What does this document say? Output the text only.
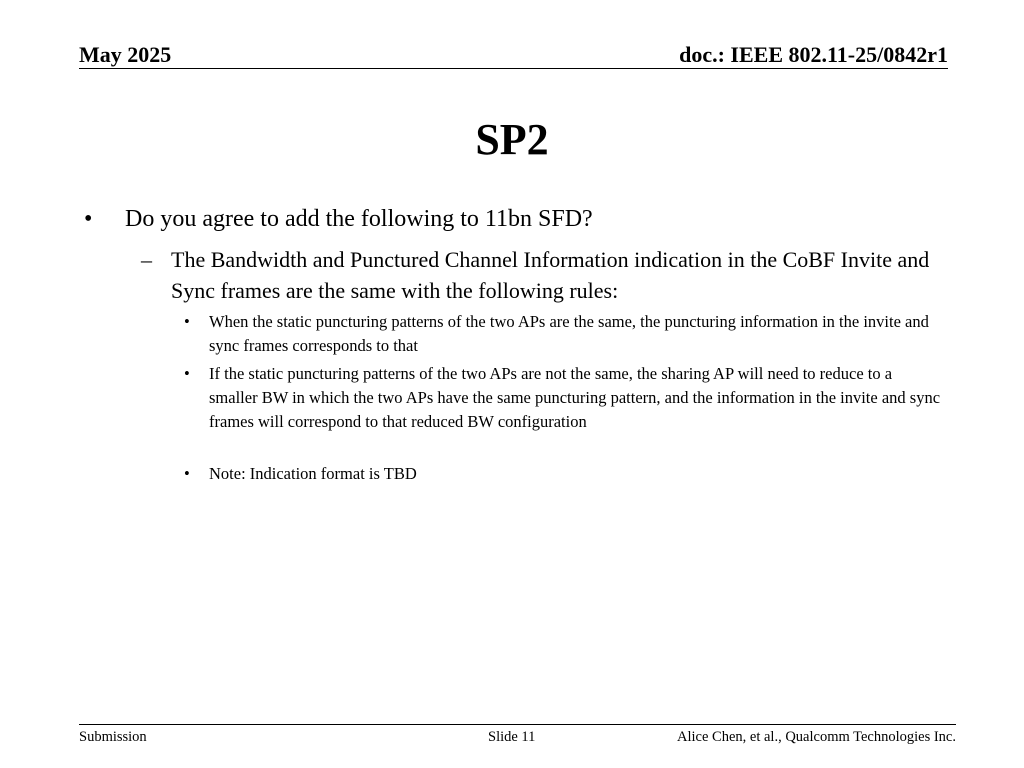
May 2025	doc.: IEEE 802.11-25/0842r1
SP2
• Do you agree to add the following to 11bn SFD?
– The Bandwidth and Punctured Channel Information indication in the CoBF Invite and Sync frames are the same with the following rules:
• When the static puncturing patterns of the two APs are the same, the puncturing information in the invite and sync frames corresponds to that
• If the static puncturing patterns of the two APs are not the same, the sharing AP will need to reduce to a smaller BW in which the two APs have the same puncturing pattern, and the information in the invite and sync frames will correspond to that reduced BW configuration
• Note: Indication format is TBD
Submission	Slide 11	Alice Chen, et al., Qualcomm Technologies Inc.
